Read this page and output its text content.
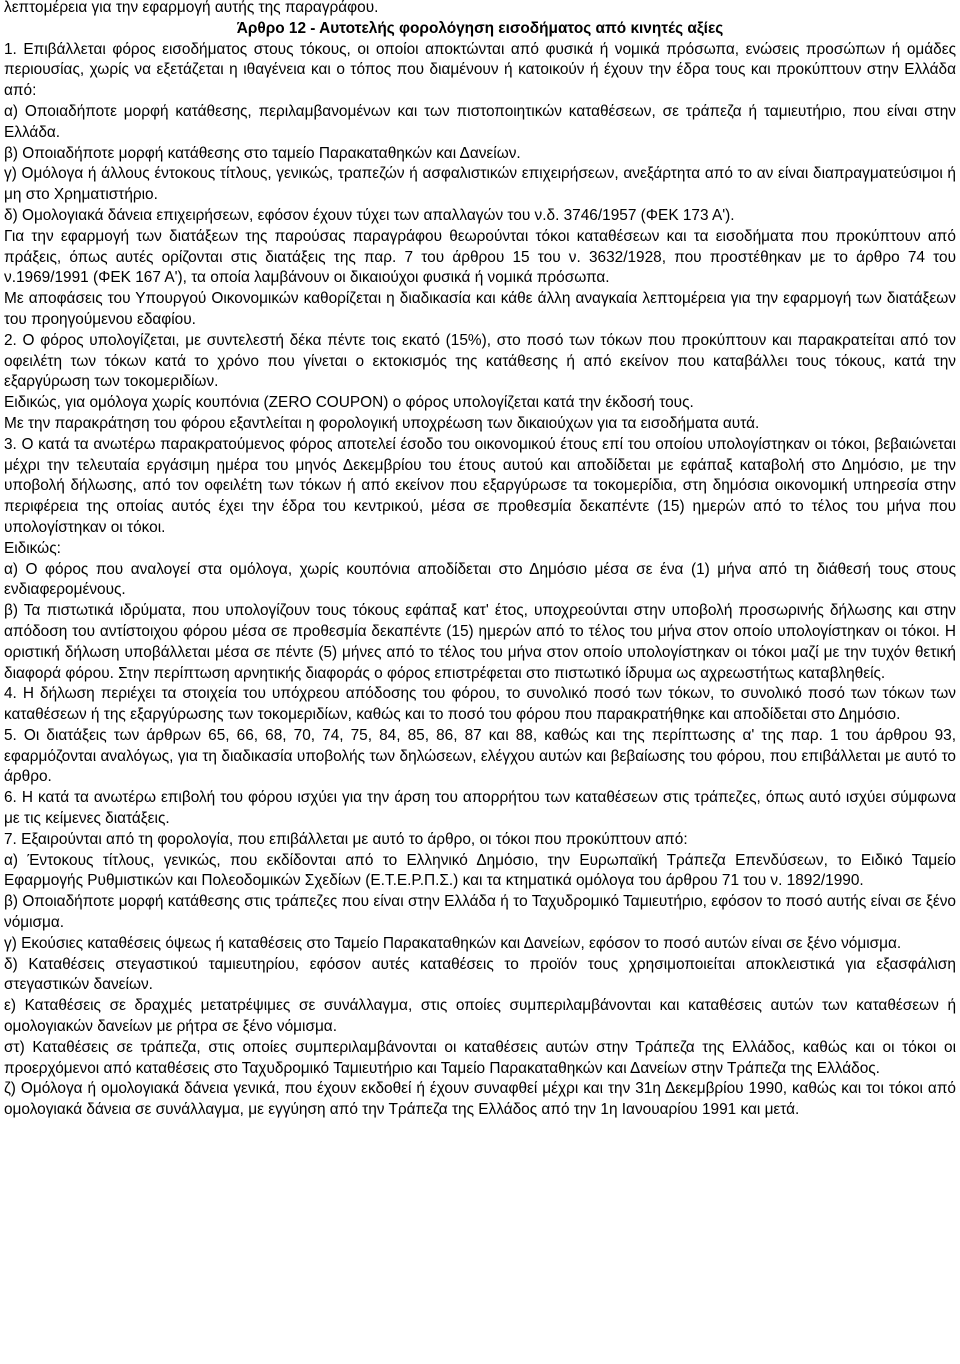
λεπτομέρεια για την εφαρμογή αυτής της παραγράφου.

Άρθρο 12 - Αυτοτελής φορολόγηση εισοδήματος από κινητές αξίες

1. Επιβάλλεται φόρος εισοδήματος στους τόκους, οι οποίοι αποκτώνται από φυσικά ή νομικά πρόσωπα, ενώσεις προσώπων ή ομάδες περιουσίας, χωρίς να εξετάζεται η ιθαγένεια και ο τόπος που διαμένουν ή κατοικούν ή έχουν την έδρα τους και προκύπτουν στην Ελλάδα από:

α) Οποιαδήποτε μορφή κατάθεσης, περιλαμβανομένων και των πιστοποιητικών καταθέσεων, σε τράπεζα ή ταμιευτήριο, που είναι στην Ελλάδα.

β) Οποιαδήποτε μορφή κατάθεσης στο ταμείο Παρακαταθηκών και Δανείων.

γ) Ομόλογα ή άλλους έντοκους τίτλους, γενικώς, τραπεζών ή ασφαλιστικών επιχειρήσεων, ανεξάρτητα από το αν είναι διαπραγματεύσιμοι ή μη στο Χρηματιστήριο.

δ) Ομολογιακά δάνεια επιχειρήσεων, εφόσον έχουν τύχει των απαλλαγών του ν.δ. 3746/1957 (ΦΕΚ 173 Α').

Για την εφαρμογή των διατάξεων της παρούσας παραγράφου θεωρούνται τόκοι καταθέσεων και τα εισοδήματα που προκύπτουν από πράξεις, όπως αυτές ορίζονται στις διατάξεις της παρ. 7 του άρθρου 15 του ν. 3632/1928, που προστέθηκαν με το άρθρο 74 του ν.1969/1991 (ΦΕΚ 167 Α'), τα οποία λαμβάνουν οι δικαιούχοι φυσικά ή νομικά πρόσωπα.

Με αποφάσεις του Υπουργού Οικονομικών καθορίζεται η διαδικασία και κάθε άλλη αναγκαία λεπτομέρεια για την εφαρμογή των διατάξεων του προηγούμενου εδαφίου.

2. Ο φόρος υπολογίζεται, με συντελεστή δέκα πέντε τοις εκατό (15%), στο ποσό των τόκων που προκύπτουν και παρακρατείται από τον οφειλέτη των τόκων κατά το χρόνο που γίνεται ο εκτοκισμός της κατάθεσης ή από εκείνον που καταβάλλει τους τόκους, κατά την εξαργύρωση των τοκομεριδίων.

Ειδικώς, για ομόλογα χωρίς κουπόνια (ZERO COUPON) ο φόρος υπολογίζεται κατά την έκδοσή τους.

Με την παρακράτηση του φόρου εξαντλείται η φορολογική υποχρέωση των δικαιούχων για τα εισοδήματα αυτά.

3. Ο κατά τα ανωτέρω παρακρατούμενος φόρος αποτελεί έσοδο του οικονομικού έτους επί του οποίου υπολογίστηκαν οι τόκοι, βεβαιώνεται μέχρι την τελευταία εργάσιμη ημέρα του μηνός Δεκεμβρίου του έτους αυτού και αποδίδεται με εφάπαξ καταβολή στο Δημόσιο, με την υποβολή δήλωσης, από τον οφειλέτη των τόκων ή από εκείνον που εξαργύρωσε τα τοκομερίδια, στη δημόσια οικονομική υπηρεσία στην περιφέρεια της οποίας αυτός έχει την έδρα του κεντρικού, μέσα σε προθεσμία δεκαπέντε (15) ημερών από το τέλος του μήνα που υπολογίστηκαν οι τόκοι.

Ειδικώς:

α) Ο φόρος που αναλογεί στα ομόλογα, χωρίς κουπόνια αποδίδεται στο Δημόσιο μέσα σε ένα (1) μήνα από τη διάθεσή τους στους ενδιαφερομένους.

β) Τα πιστωτικά ιδρύματα, που υπολογίζουν τους τόκους εφάπαξ κατ' έτος, υποχρεούνται στην υποβολή προσωρινής δήλωσης και στην απόδοση του αντίστοιχου φόρου μέσα σε προθεσμία δεκαπέντε (15) ημερών από το τέλος του μήνα στον οποίο υπολογίστηκαν οι τόκοι. Η οριστική δήλωση υποβάλλεται μέσα σε πέντε (5) μήνες από το τέλος του μήνα στον οποίο υπολογίστηκαν οι τόκοι μαζί με την τυχόν θετική διαφορά φόρου. Στην περίπτωση αρνητικής διαφοράς ο φόρος επιστρέφεται στο πιστωτικό ίδρυμα ως αχρεωστήτως καταβληθείς.

4. Η δήλωση περιέχει τα στοιχεία του υπόχρεου απόδοσης του φόρου, το συνολικό ποσό των τόκων, το συνολικό ποσό των τόκων των καταθέσεων ή της εξαργύρωσης των τοκομεριδίων, καθώς και το ποσό του φόρου που παρακρατήθηκε και αποδίδεται στο Δημόσιο.

5. Οι διατάξεις των άρθρων 65, 66, 68, 70, 74, 75, 84, 85, 86, 87 και 88, καθώς και της περίπτωσης α' της παρ. 1 του άρθρου 93, εφαρμόζονται αναλόγως, για τη διαδικασία υποβολής των δηλώσεων, ελέγχου αυτών και βεβαίωσης του φόρου, που επιβάλλεται με αυτό το άρθρο.

6. Η κατά τα ανωτέρω επιβολή του φόρου ισχύει για την άρση του απορρήτου των καταθέσεων στις τράπεζες, όπως αυτό ισχύει σύμφωνα με τις κείμενες διατάξεις.

7. Εξαιρούνται από τη φορολογία, που επιβάλλεται με αυτό το άρθρο, οι τόκοι που προκύπτουν από:

α) Έντοκους τίτλους, γενικώς, που εκδίδονται από το Ελληνικό Δημόσιο, την Ευρωπαϊκή Τράπεζα Επενδύσεων, το Ειδικό Ταμείο Εφαρμογής Ρυθμιστικών και Πολεοδομικών Σχεδίων (Ε.Τ.Ε.Ρ.Π.Σ.) και τα κτηματικά ομόλογα του άρθρου 71 του ν. 1892/1990.

β) Οποιαδήποτε μορφή κατάθεσης στις τράπεζες που είναι στην Ελλάδα ή το Ταχυδρομικό Ταμιευτήριο, εφόσον το ποσό αυτής είναι σε ξένο νόμισμα.

γ) Εκούσιες καταθέσεις όψεως ή καταθέσεις στο Ταμείο Παρακαταθηκών και Δανείων, εφόσον το ποσό αυτών είναι σε ξένο νόμισμα.

δ) Καταθέσεις στεγαστικού ταμιευτηρίου, εφόσον αυτές καταθέσεις το προϊόν τους χρησιμοποιείται αποκλειστικά για εξασφάλιση στεγαστικών δανείων.

ε) Καταθέσεις σε δραχμές μετατρέψιμες σε συνάλλαγμα, στις οποίες συμπεριλαμβάνονται και καταθέσεις αυτών των καταθέσεων ή ομολογιακών δανείων με ρήτρα σε ξένο νόμισμα.

στ) Καταθέσεις σε τράπεζα, στις οποίες συμπεριλαμβάνονται οι καταθέσεις αυτών στην Τράπεζα της Ελλάδος, καθώς και οι τόκοι οι προερχόμενοι από καταθέσεις στο Ταχυδρομικό Ταμιευτήριο και Ταμείο Παρακαταθηκών και Δανείων στην Τράπεζα της Ελλάδος.

ζ) Ομόλογα ή ομολογιακά δάνεια γενικά, που έχουν εκδοθεί ή έχουν συναφθεί μέχρι και την 31η Δεκεμβρίου 1990, καθώς και τοι τόκοι από ομολογιακά δάνεια σε συνάλλαγμα, με εγγύηση από την Τράπεζα της Ελλάδος από την 1η Ιανουαρίου 1991 και μετά.
